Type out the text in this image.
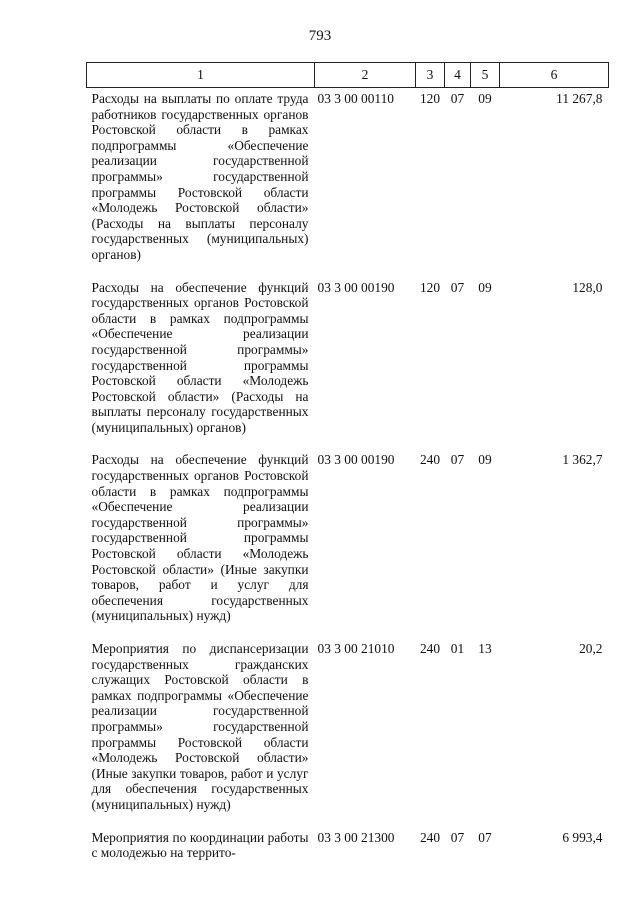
793
1	2	3	4	5	6
Расходы на выплаты по оплате труда работников государственных органов Ростовской области в рамках подпрограммы «Обеспечение реализации государственной программы» государственной программы Ростовской области «Молодежь Ростовской области» (Расходы на выплаты персоналу государственных (муниципальных) органов)	03 3 00 00110	120	07	09	11 267,8
Расходы на обеспечение функций государственных органов Ростовской области в рамках подпрограммы «Обеспечение реализации государственной программы» государственной программы Ростовской области «Молодежь Ростовской области» (Расходы на выплаты персоналу государственных (муниципальных) органов)	03 3 00 00190	120	07	09	128,0
Расходы на обеспечение функций государственных органов Ростовской области в рамках подпрограммы «Обеспечение реализации государственной программы» государственной программы Ростовской области «Молодежь Ростовской области» (Иные закупки товаров, работ и услуг для обеспечения государственных (муниципальных) нужд)	03 3 00 00190	240	07	09	1 362,7
Мероприятия по диспансеризации государственных гражданских служащих Ростовской области в рамках подпрограммы «Обеспечение реализации государственной программы» государственной программы Ростовской области «Молодежь Ростовской области» (Иные закупки товаров, работ и услуг для обеспечения государственных (муниципальных) нужд)	03 3 00 21010	240	01	13	20,2
Мероприятия по координации работы с молодежью на террито-	03 3 00 21300	240	07	07	6 993,4
